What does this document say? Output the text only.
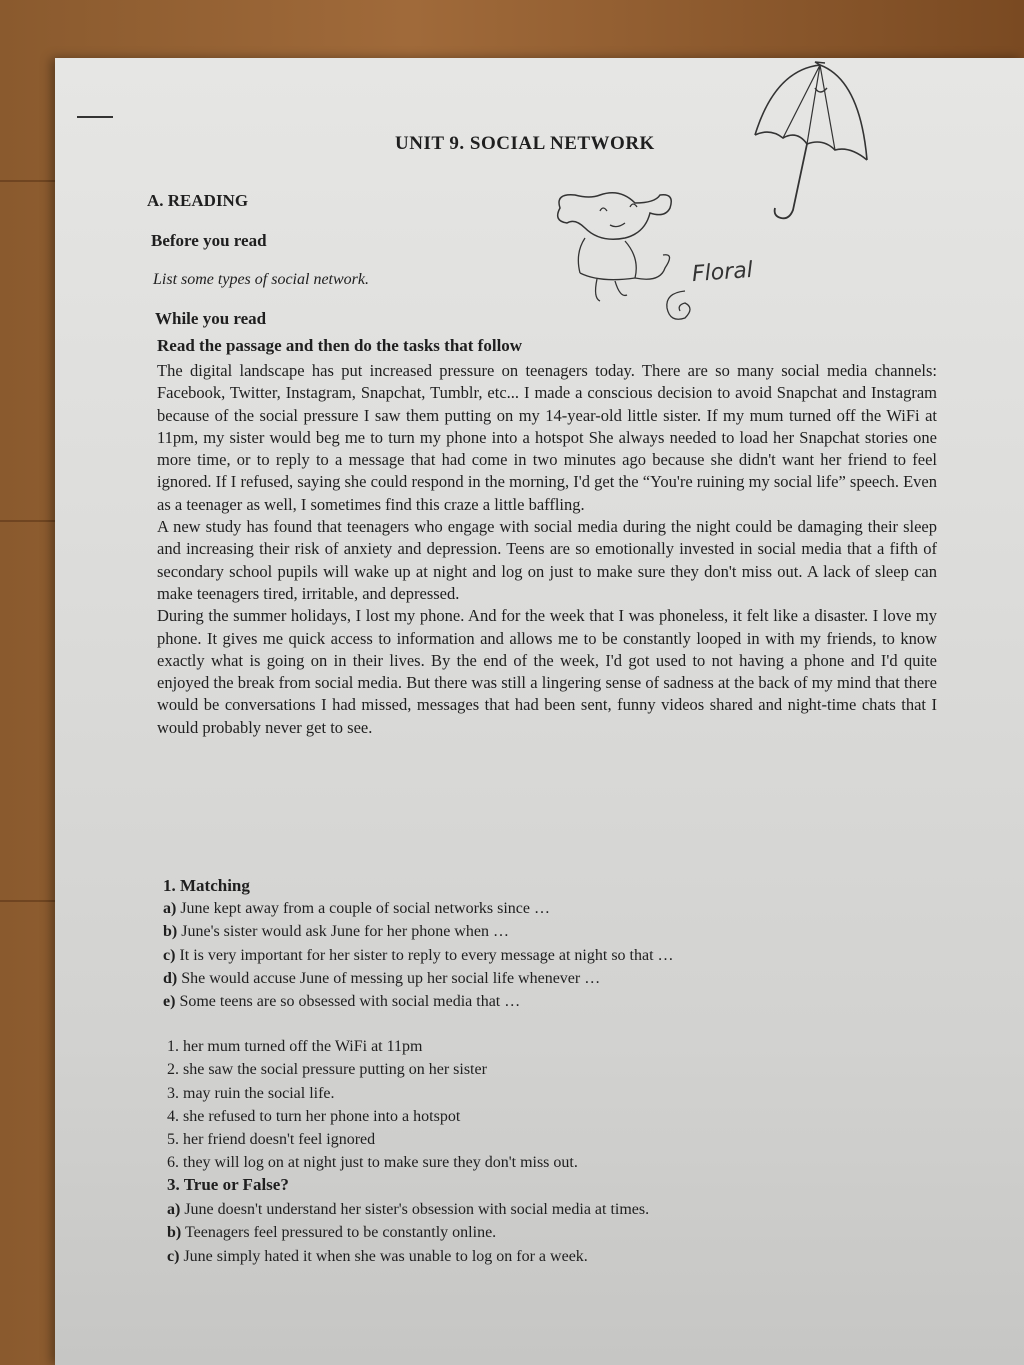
UNIT 9. SOCIAL NETWORK
Floral
A. READING
Before you read
List some types of social network.
While you read
Read the passage and then do the tasks that follow

The digital landscape has put increased pressure on teenagers today. There are so many social media channels: Facebook, Twitter, Instagram, Snapchat, Tumblr, etc... I made a conscious decision to avoid Snapchat and Instagram because of the social pressure I saw them putting on my 14-year-old little sister. If my mum turned off the WiFi at 11pm, my sister would beg me to turn my phone into a hotspot She always needed to load her Snapchat stories one more time, or to reply to a message that had come in two minutes ago because she didn't want her friend to feel ignored. If I refused, saying she could respond in the morning, I'd get the “You're ruining my social life” speech. Even as a teenager as well, I sometimes find this craze a little baffling.

A new study has found that teenagers who engage with social media during the night could be damaging their sleep and increasing their risk of anxiety and depression. Teens are so emotionally invested in social media that a fifth of secondary school pupils will wake up at night and log on just to make sure they don't miss out. A lack of sleep can make teenagers tired, irritable, and depressed.

During the summer holidays, I lost my phone. And for the week that I was phoneless, it felt like a disaster. I love my phone. It gives me quick access to information and allows me to be constantly looped in with my friends, to know exactly what is going on in their lives. By the end of the week, I'd got used to not having a phone and I'd quite enjoyed the break from social media. But there was still a lingering sense of sadness at the back of my mind that there would be conversations I had missed, messages that had been sent, funny videos shared and night-time chats that I would probably never get to see.

1. Matching
a) June kept away from a couple of social networks since …
b) June's sister would ask June for her phone when …
c) It is very important for her sister to reply to every message at night so that …
d) She would accuse June of messing up her social life whenever …
e) Some teens are so obsessed with social media that …
1. her mum turned off the WiFi at 11pm
2. she saw the social pressure putting on her sister
3. may ruin the social life.
4. she refused to turn her phone into a hotspot
5. her friend doesn't feel ignored
6. they will log on at night just to make sure they don't miss out.
3. True or False?
a) June doesn't understand her sister's obsession with social media at times.
b) Teenagers feel pressured to be constantly online.
c) June simply hated it when she was unable to log on for a week.
